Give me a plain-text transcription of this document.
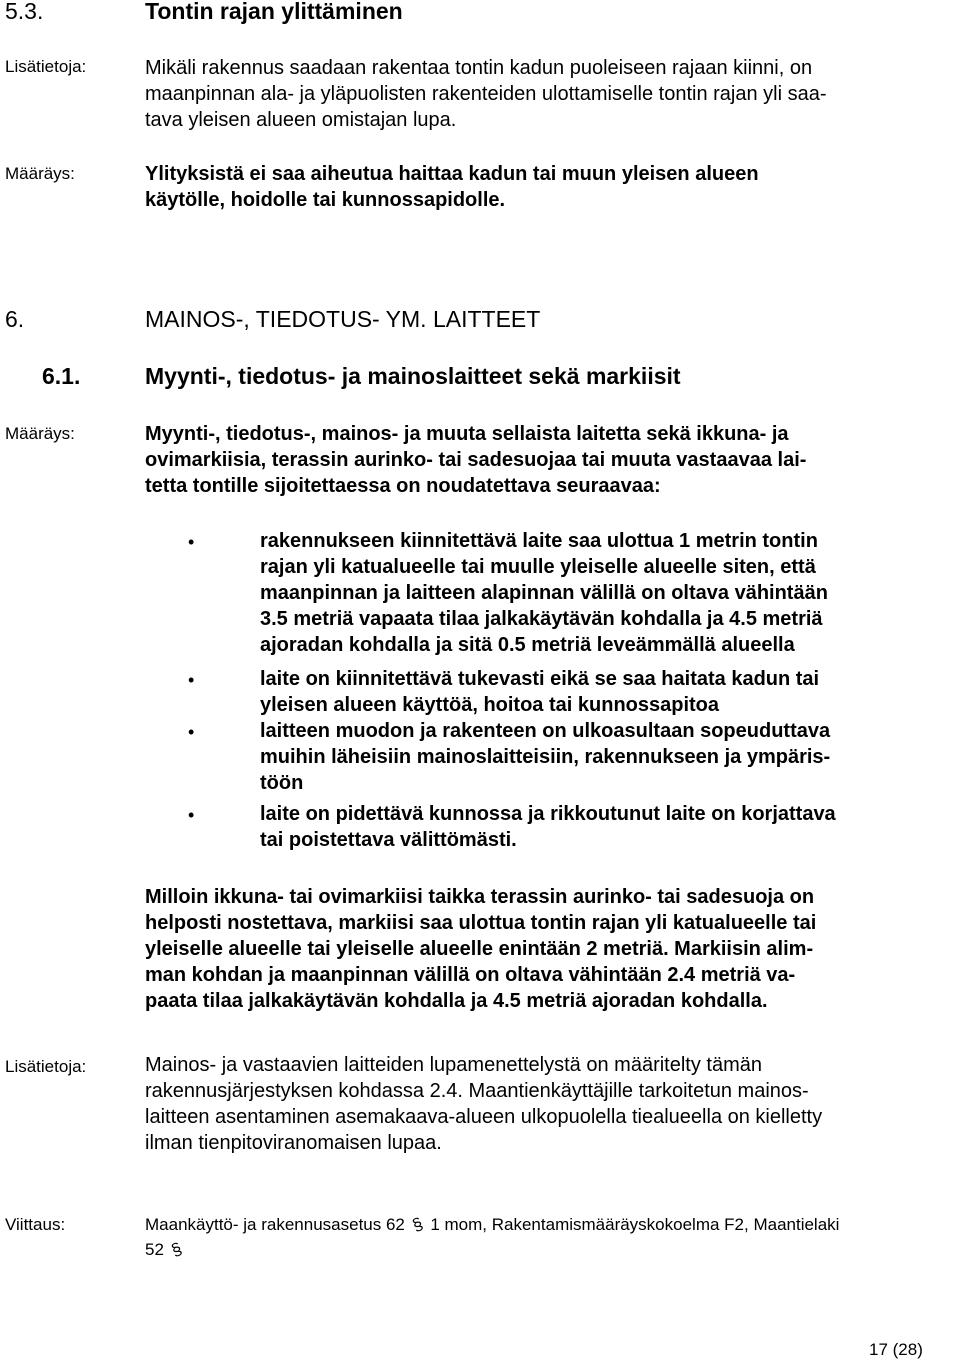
5.3.	Tontin rajan ylittäminen
Lisätietoja:	Mikäli rakennus saadaan rakentaa tontin kadun puoleiseen rajaan kiinni, on
maanpinnan ala- ja yläpuolisten rakenteiden ulottamiselle tontin rajan yli saa-
tava yleisen alueen omistajan lupa.
Määräys:	Ylityksistä ei saa aiheutua haittaa kadun tai muun yleisen alueen
käytölle, hoidolle tai kunnossapidolle.
6.	MAINOS-, TIEDOTUS- YM. LAITTEET
6.1.	Myynti-, tiedotus- ja mainoslaitteet sekä markiisit
Määräys:	Myynti-, tiedotus-, mainos- ja muuta sellaista laitetta sekä ikkuna- ja
ovimarkiisia, terassin aurinko- tai sadesuojaa tai muuta vastaavaa lai-
tetta tontille sijoitettaessa on noudatettava seuraavaa:
•	rakennukseen kiinnitettävä laite saa ulottua 1 metrin tontin
rajan yli katualueelle tai muulle yleiselle alueelle siten, että
maanpinnan ja laitteen alapinnan välillä on oltava vähintään
3.5 metriä vapaata tilaa jalkakäytävän kohdalla ja 4.5 metriä
ajoradan kohdalla ja sitä 0.5 metriä leveämmällä alueella
•	laite on kiinnitettävä tukevasti eikä se saa haitata kadun tai
yleisen alueen käyttöä, hoitoa tai kunnossapitoa
•	laitteen muodon ja rakenteen on ulkoasultaan sopeuduttava
muihin läheisiin mainoslaitteisiin, rakennukseen ja ympäris-
töön
•	laite on pidettävä kunnossa ja rikkoutunut laite on korjattava
tai poistettava välittömästi.
Milloin ikkuna- tai ovimarkiisi taikka terassin aurinko- tai sadesuoja on
helposti nostettava, markiisi saa ulottua tontin rajan yli katualueelle tai
yleiselle alueelle tai yleiselle alueelle enintään 2 metriä. Markiisin alim-
man kohdan ja maanpinnan välillä on oltava vähintään 2.4 metriä va-
paata tilaa jalkakäytävän kohdalla ja 4.5 metriä ajoradan kohdalla.
Lisätietoja:	Mainos- ja vastaavien laitteiden lupamenettelystä on määritelty tämän
rakennusjärjestyksen kohdassa 2.4. Maantienkäyttäjille tarkoitetun mainos-
laitteen asentaminen asemakaava-alueen ulkopuolella tiealueella on kielletty
ilman tienpitoviranomaisen lupaa.
Viittaus:	Maankäyttö- ja rakennusasetus 62 § 1 mom, Rakentamismääräyskokoelma F2, Maantielaki
52 §
17 (28)
